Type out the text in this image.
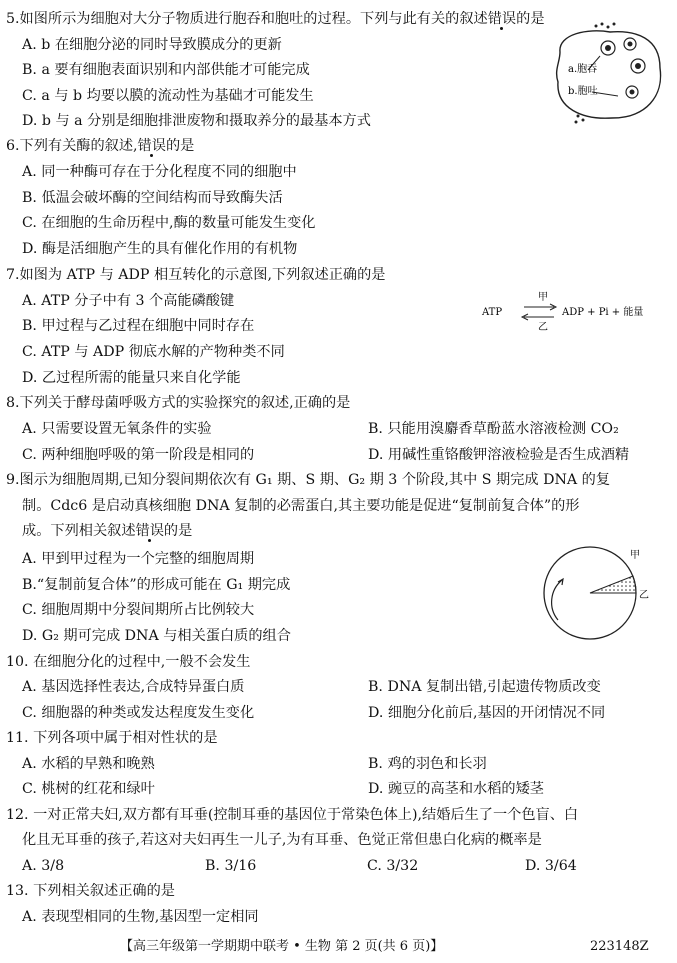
5.如图所示为细胞对大分子物质进行胞吞和胞吐的过程。下列与此有关的叙述错误的是
A. b 在细胞分泌的同时导致膜成分的更新
B. a 要有细胞表面识别和内部供能才可能完成
C. a 与 b 均要以膜的流动性为基础才可能发生
D. b 与 a 分别是细胞排泄废物和摄取养分的最基本方式
a.胞吞
b.胞吐
6.下列有关酶的叙述,错误的是
A. 同一种酶可存在于分化程度不同的细胞中
B. 低温会破坏酶的空间结构而导致酶失活
C. 在细胞的生命历程中,酶的数量可能发生变化
D. 酶是活细胞产生的具有催化作用的有机物
7.如图为 ATP 与 ADP 相互转化的示意图,下列叙述正确的是
A. ATP 分子中有 3 个高能磷酸键
B. 甲过程与乙过程在细胞中同时存在
C. ATP 与 ADP 彻底水解的产物种类不同
D. 乙过程所需的能量只来自化学能
ATP
甲
乙
ADP + Pi + 能量
8.下列关于酵母菌呼吸方式的实验探究的叙述,正确的是
A. 只需要设置无氧条件的实验	B. 只能用溴麝香草酚蓝水溶液检测 CO₂
C. 两种细胞呼吸的第一阶段是相同的	D. 用碱性重铬酸钾溶液检验是否生成酒精
9.图示为细胞周期,已知分裂间期依次有 G₁ 期、S 期、G₂ 期 3 个阶段,其中 S 期完成 DNA 的复
制。Cdc6 是启动真核细胞 DNA 复制的必需蛋白,其主要功能是促进“复制前复合体”的形
成。下列相关叙述错误的是
A. 甲到甲过程为一个完整的细胞周期
B.“复制前复合体”的形成可能在 G₁ 期完成
C. 细胞周期中分裂间期所占比例较大
D. G₂ 期可完成 DNA 与相关蛋白质的组合
甲
乙
10. 在细胞分化的过程中,一般不会发生
A. 基因选择性表达,合成特异蛋白质	B. DNA 复制出错,引起遗传物质改变
C. 细胞器的种类或发达程度发生变化	D. 细胞分化前后,基因的开闭情况不同
11. 下列各项中属于相对性状的是
A. 水稻的早熟和晚熟	B. 鸡的羽色和长羽
C. 桃树的红花和绿叶	D. 豌豆的高茎和水稻的矮茎
12. 一对正常夫妇,双方都有耳垂(控制耳垂的基因位于常染色体上),结婚后生了一个色盲、白
化且无耳垂的孩子,若这对夫妇再生一儿子,为有耳垂、色觉正常但患白化病的概率是
A. 3/8	B. 3/16	C. 3/32	D. 3/64
13. 下列相关叙述正确的是
A. 表现型相同的生物,基因型一定相同
【高三年级第一学期期中联考 • 生物 第 2 页(共 6 页)】	223148Z
